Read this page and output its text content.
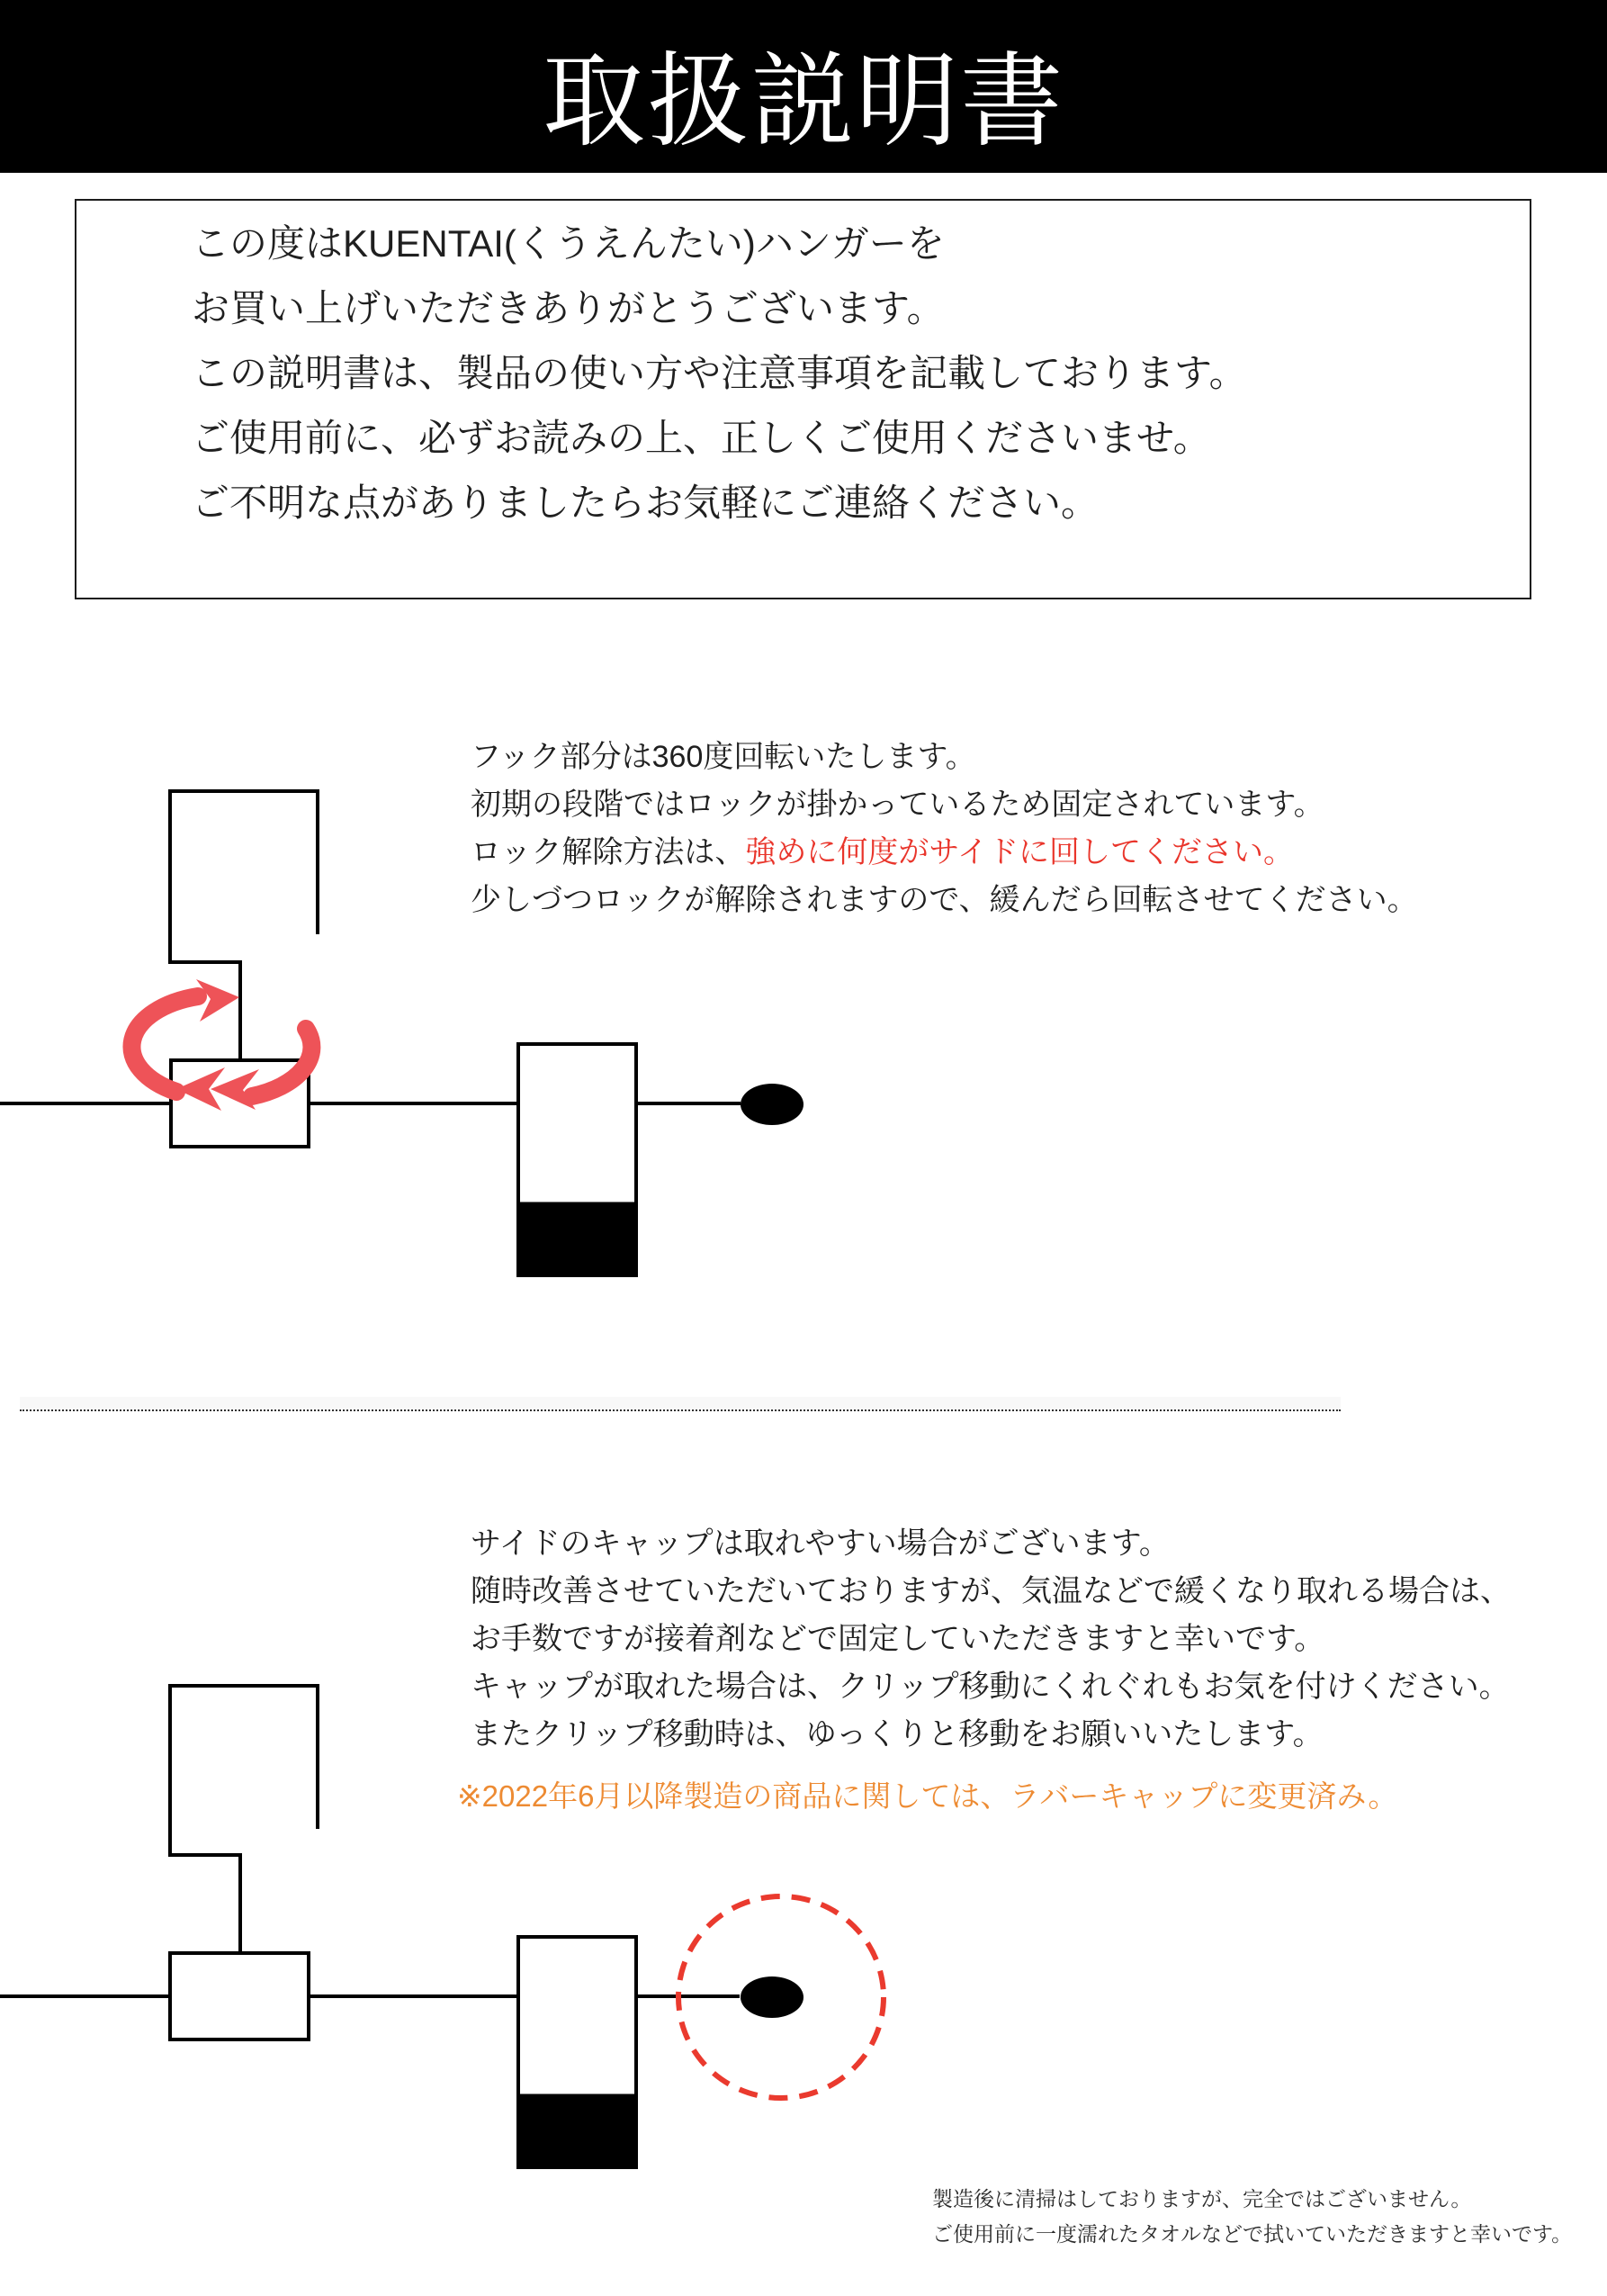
取扱説明書

この度はKUENTAI(くうえんたい)ハンガーを

お買い上げいただきありがとうございます。

この説明書は、製品の使い方や注意事項を記載しております。

ご使用前に、必ずお読みの上、正しくご使用くださいませ。

ご不明な点がありましたらお気軽にご連絡ください。

フック部分は360度回転いたします。

初期の段階ではロックが掛かっているため固定されています。

ロック解除方法は、強めに何度がサイドに回してください。

少しづつロックが解除されますので、緩んだら回転させてください。

サイドのキャップは取れやすい場合がございます。

随時改善させていただいておりますが、気温などで緩くなり取れる場合は、

お手数ですが接着剤などで固定していただきますと幸いです。

キャップが取れた場合は、クリップ移動にくれぐれもお気を付けください。

またクリップ移動時は、ゆっくりと移動をお願いいたします。

※2022年6月以降製造の商品に関しては、ラバーキャップに変更済み。

製造後に清掃はしておりますが、完全ではございません。

ご使用前に一度濡れたタオルなどで拭いていただきますと幸いです。
